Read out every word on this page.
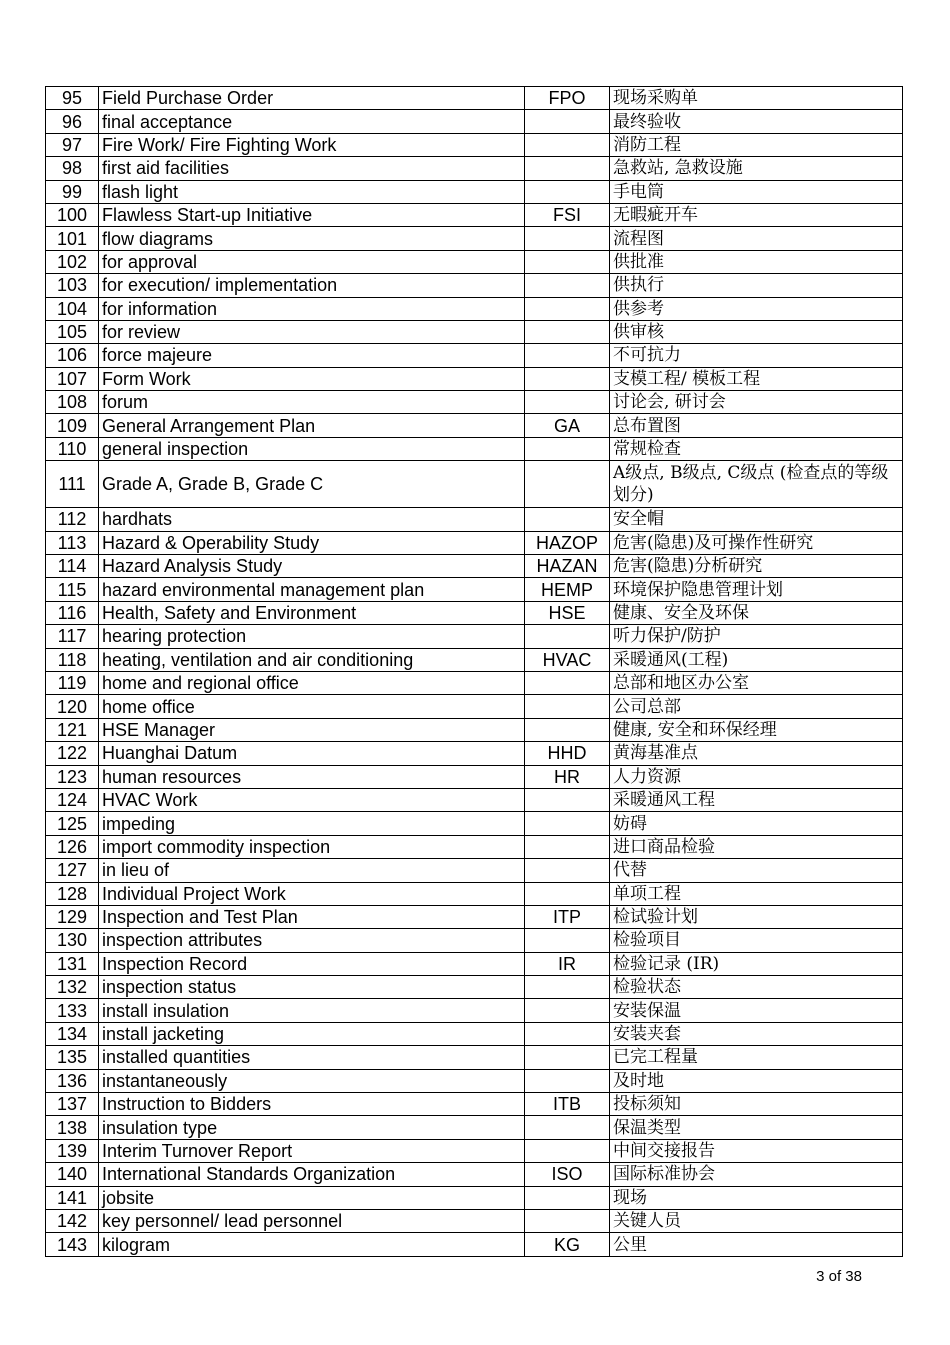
95	Field Purchase Order	FPO	现场采购单
96	final acceptance		最终验收
97	Fire Work/ Fire Fighting Work		消防工程
98	first aid facilities		急救站, 急救设施
99	flash light		手电筒
100	Flawless Start-up Initiative	FSI	无暇疵开车
101	flow diagrams		流程图
102	for approval		供批准
103	for execution/ implementation		供执行
104	for information		供参考
105	for review		供审核
106	force majeure		不可抗力
107	Form Work		支模工程/ 模板工程
108	forum		讨论会, 研讨会
109	General Arrangement Plan	GA	总布置图
110	general inspection		常规检查
111	Grade A, Grade B, Grade C		A级点, B级点, C级点 (检查点的等级划分)
112	hardhats		安全帽
113	Hazard & Operability Study	HAZOP	危害(隐患)及可操作性研究
114	Hazard Analysis Study	HAZAN	危害(隐患)分析研究
115	hazard environmental management plan	HEMP	环境保护隐患管理计划
116	Health, Safety and Environment	HSE	健康、安全及环保
117	hearing protection		听力保护/防护
118	heating, ventilation and air conditioning	HVAC	采暖通风(工程)
119	home and regional office		总部和地区办公室
120	home office		公司总部
121	HSE Manager		健康, 安全和环保经理
122	Huanghai Datum	HHD	黄海基准点
123	human resources	HR	人力资源
124	HVAC Work		采暖通风工程
125	impeding		妨碍
126	import commodity inspection		进口商品检验
127	in lieu of		代替
128	Individual Project Work		单项工程
129	Inspection and Test Plan	ITP	检试验计划
130	inspection attributes		检验项目
131	Inspection Record	IR	检验记录 (IR)
132	inspection status		检验状态
133	install insulation		安装保温
134	install jacketing		安装夹套
135	installed quantities		已完工程量
136	instantaneously		及时地
137	Instruction to Bidders	ITB	投标须知
138	insulation type		保温类型
139	Interim Turnover Report		中间交接报告
140	International Standards Organization	ISO	国际标准协会
141	jobsite		现场
142	key personnel/ lead personnel		关键人员
143	kilogram	KG	公里
3 of 38
